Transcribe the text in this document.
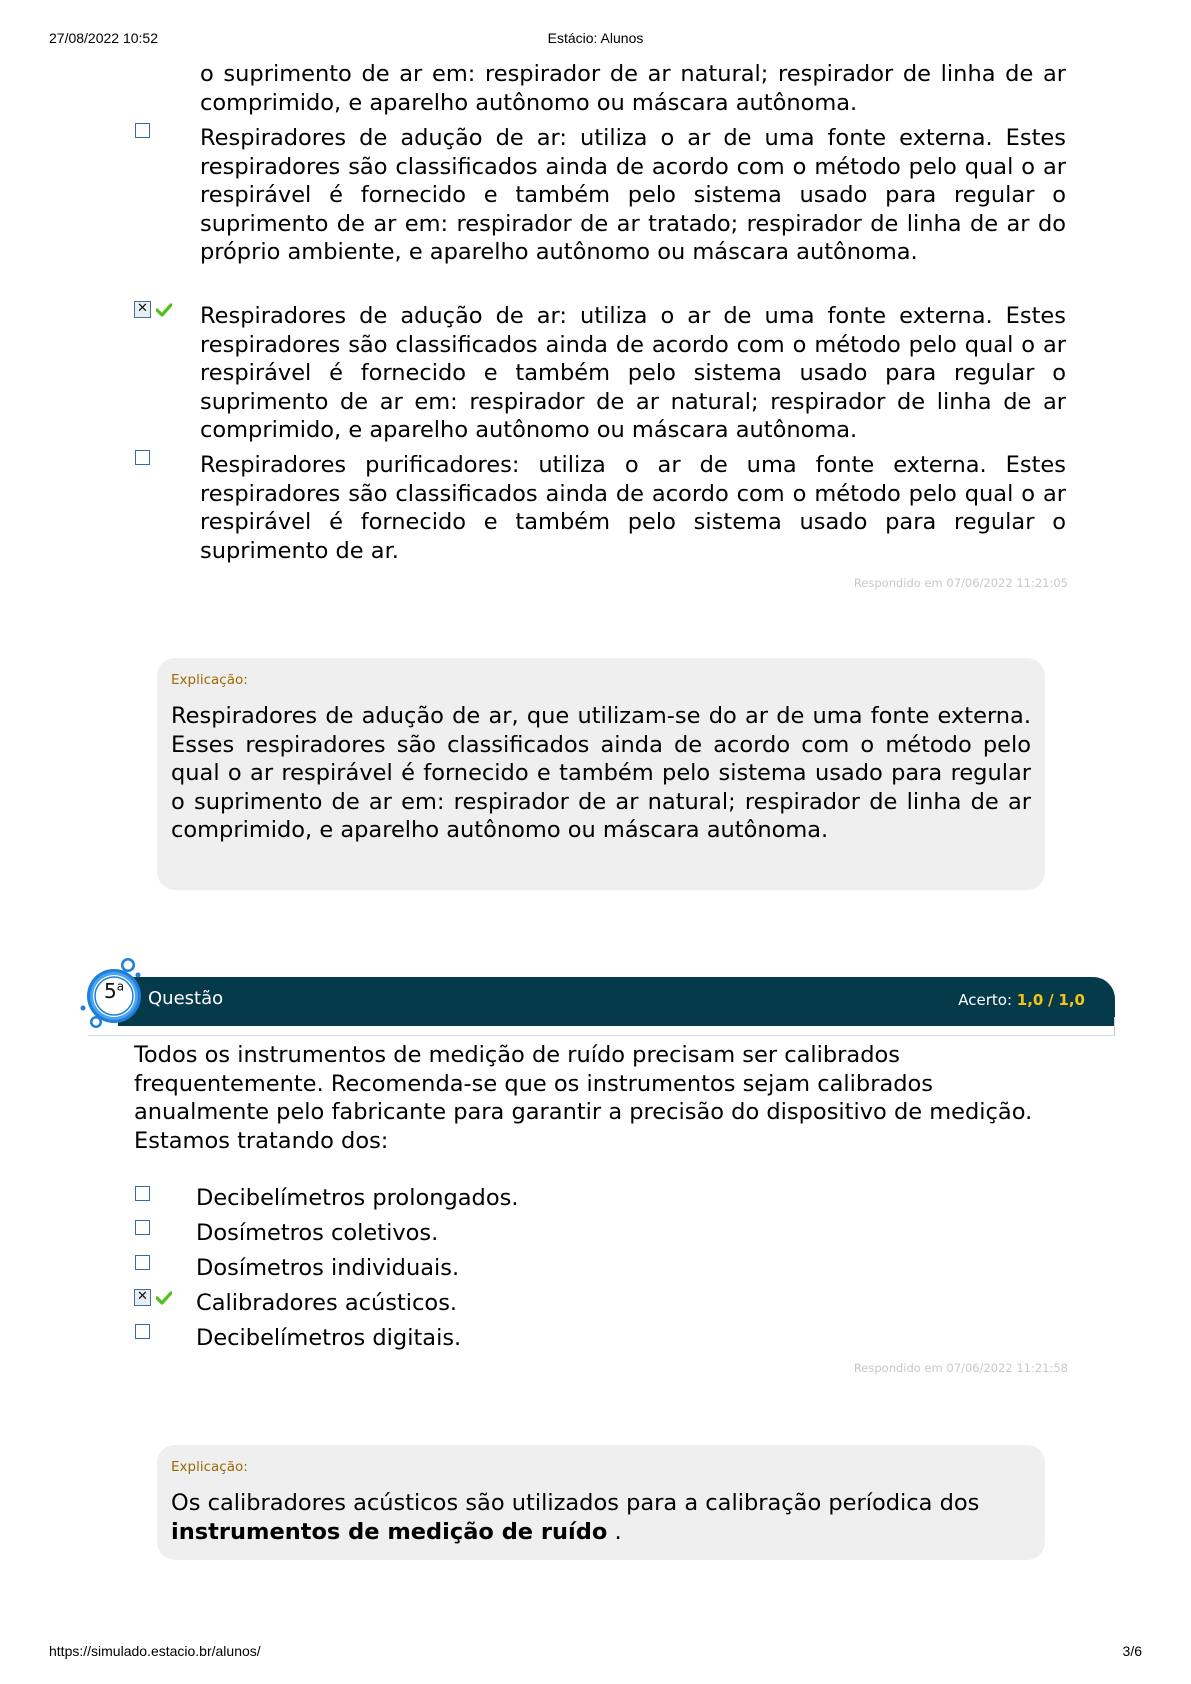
27/08/2022 10:52	Estácio: Alunos
o suprimento de ar em: respirador de ar natural; respirador de linha de ar comprimido, e aparelho autônomo ou máscara autônoma.
Respiradores de adução de ar: utiliza o ar de uma fonte externa. Estes respiradores são classificados ainda de acordo com o método pelo qual o ar respirável é fornecido e também pelo sistema usado para regular o suprimento de ar em: respirador de ar tratado; respirador de linha de ar do próprio ambiente, e aparelho autônomo ou máscara autônoma.
✕ Respiradores de adução de ar: utiliza o ar de uma fonte externa. Estes respiradores são classificados ainda de acordo com o método pelo qual o ar respirável é fornecido e também pelo sistema usado para regular o suprimento de ar em: respirador de ar natural; respirador de linha de ar comprimido, e aparelho autônomo ou máscara autônoma.
Respiradores purificadores: utiliza o ar de uma fonte externa. Estes respiradores são classificados ainda de acordo com o método pelo qual o ar respirável é fornecido e também pelo sistema usado para regular o suprimento de ar.
Respondido em 07/06/2022 11:21:05
Explicação:
Respiradores de adução de ar, que utilizam-se do ar de uma fonte externa. Esses respiradores são classificados ainda de acordo com o método pelo qual o ar respirável é fornecido e também pelo sistema usado para regular o suprimento de ar em: respirador de ar natural; respirador de linha de ar comprimido, e aparelho autônomo ou máscara autônoma.
Questão	Acerto: 1,0 / 1,0
5$^a$
Todos os instrumentos de medição de ruído precisam ser calibrados frequentemente. Recomenda-se que os instrumentos sejam calibrados anualmente pelo fabricante para garantir a precisão do dispositivo de medição. Estamos tratando dos:
Decibelímetros prolongados.
Dosímetros coletivos.
Dosímetros individuais.
✕ Calibradores acústicos.
Decibelímetros digitais.
Respondido em 07/06/2022 11:21:58
Explicação:
Os calibradores acústicos são utilizados para a calibração períodica dos instrumentos de medição de ruído .
https://simulado.estacio.br/alunos/	3/6
